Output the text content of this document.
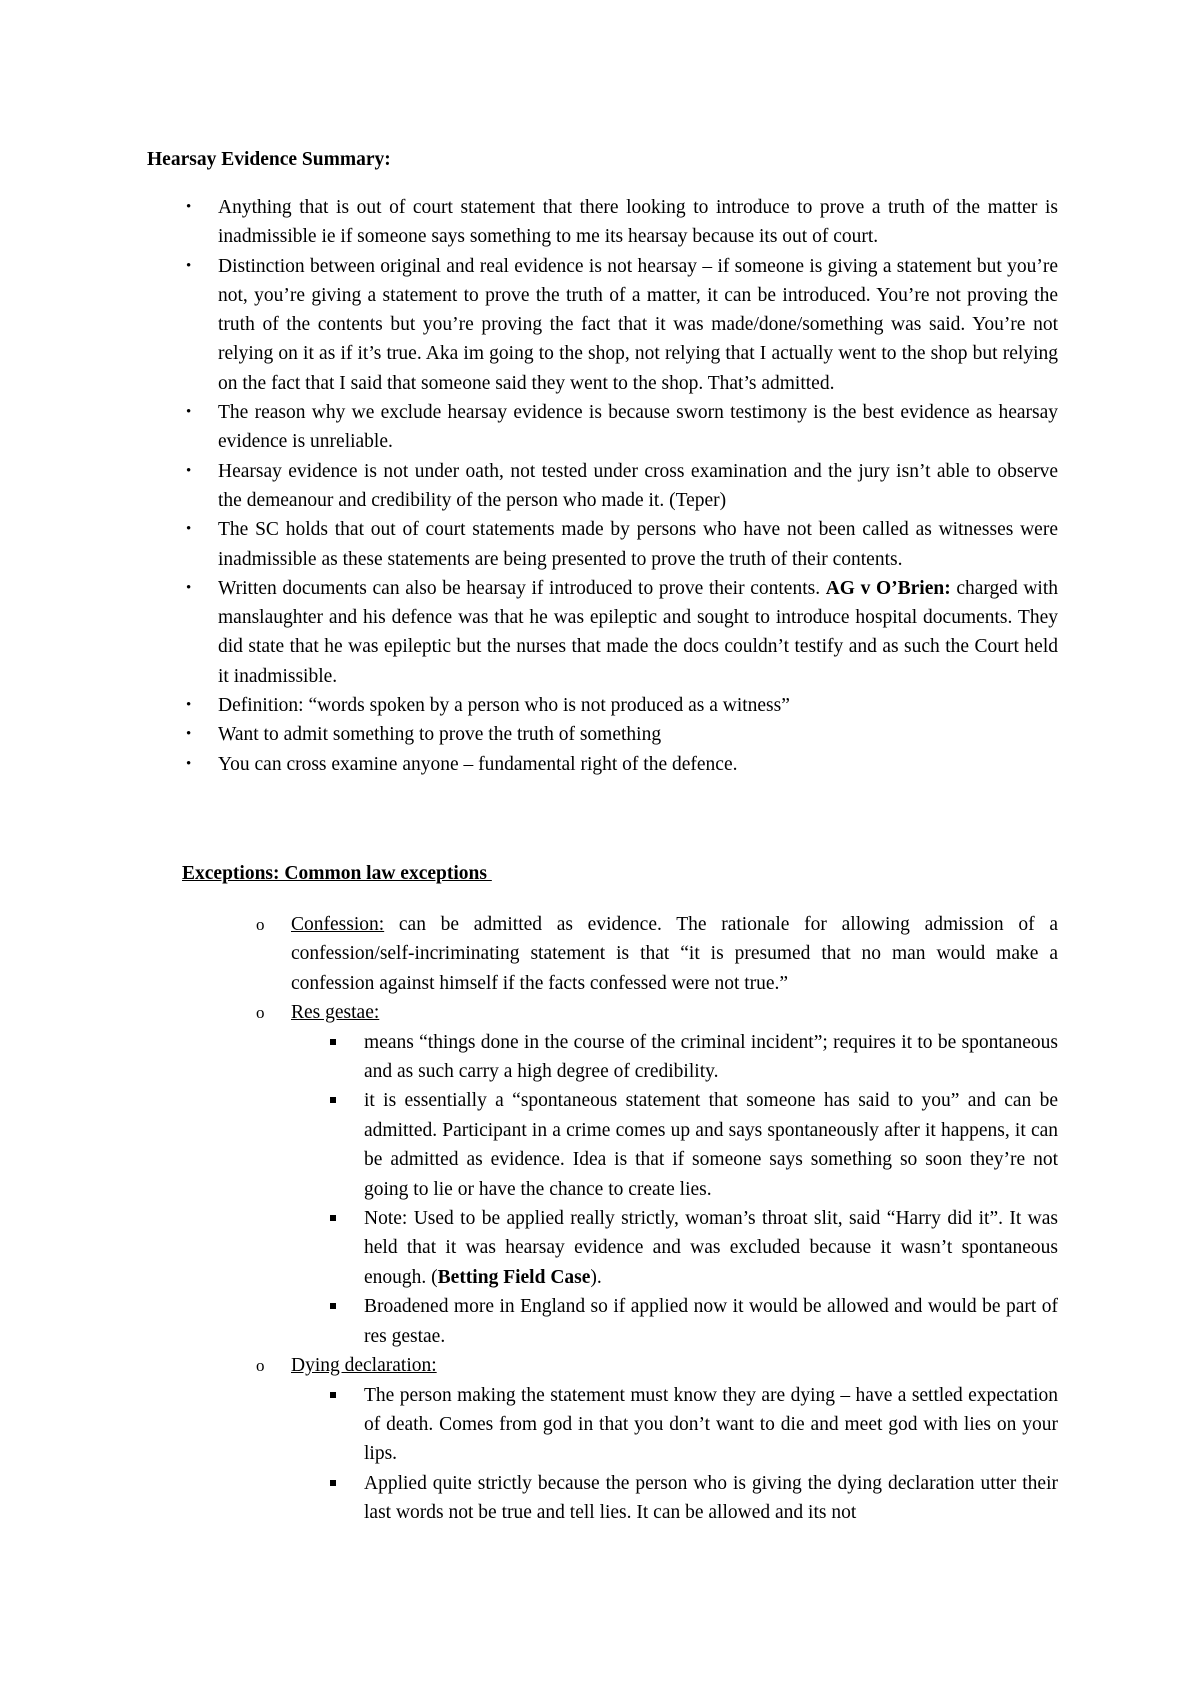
Hearsay Evidence Summary:

• Anything that is out of court statement that there looking to introduce to prove a truth of the matter is inadmissible ie if someone says something to me its hearsay because its out of court.
• Distinction between original and real evidence is not hearsay – if someone is giving a statement but you’re not, you’re giving a statement to prove the truth of a matter, it can be introduced. You’re not proving the truth of the contents but you’re proving the fact that it was made/done/something was said. You’re not relying on it as if it’s true. Aka im going to the shop, not relying that I actually went to the shop but relying on the fact that I said that someone said they went to the shop. That’s admitted.
• The reason why we exclude hearsay evidence is because sworn testimony is the best evidence as hearsay evidence is unreliable.
• Hearsay evidence is not under oath, not tested under cross examination and the jury isn’t able to observe the demeanour and credibility of the person who made it. (Teper)
• The SC holds that out of court statements made by persons who have not been called as witnesses were inadmissible as these statements are being presented to prove the truth of their contents.
• Written documents can also be hearsay if introduced to prove their contents. AG v O’Brien: charged with manslaughter and his defence was that he was epileptic and sought to introduce hospital documents. They did state that he was epileptic but the nurses that made the docs couldn’t testify and as such the Court held it inadmissible.
• Definition: “words spoken by a person who is not produced as a witness”
• Want to admit something to prove the truth of something
• You can cross examine anyone – fundamental right of the defence.

Exceptions: Common law exceptions

o Confession: can be admitted as evidence. The rationale for allowing admission of a confession/self-incriminating statement is that “it is presumed that no man would make a confession against himself if the facts confessed were not true.”
o Res gestae:
means “things done in the course of the criminal incident”; requires it to be spontaneous and as such carry a high degree of credibility.
it is essentially a “spontaneous statement that someone has said to you” and can be admitted. Participant in a crime comes up and says spontaneously after it happens, it can be admitted as evidence. Idea is that if someone says something so soon they’re not going to lie or have the chance to create lies.
Note: Used to be applied really strictly, woman’s throat slit, said “Harry did it”. It was held that it was hearsay evidence and was excluded because it wasn’t spontaneous enough. (Betting Field Case).
Broadened more in England so if applied now it would be allowed and would be part of res gestae.
o Dying declaration:
The person making the statement must know they are dying – have a settled expectation of death. Comes from god in that you don’t want to die and meet god with lies on your lips.
Applied quite strictly because the person who is giving the dying declaration utter their last words not be true and tell lies. It can be allowed and its not
